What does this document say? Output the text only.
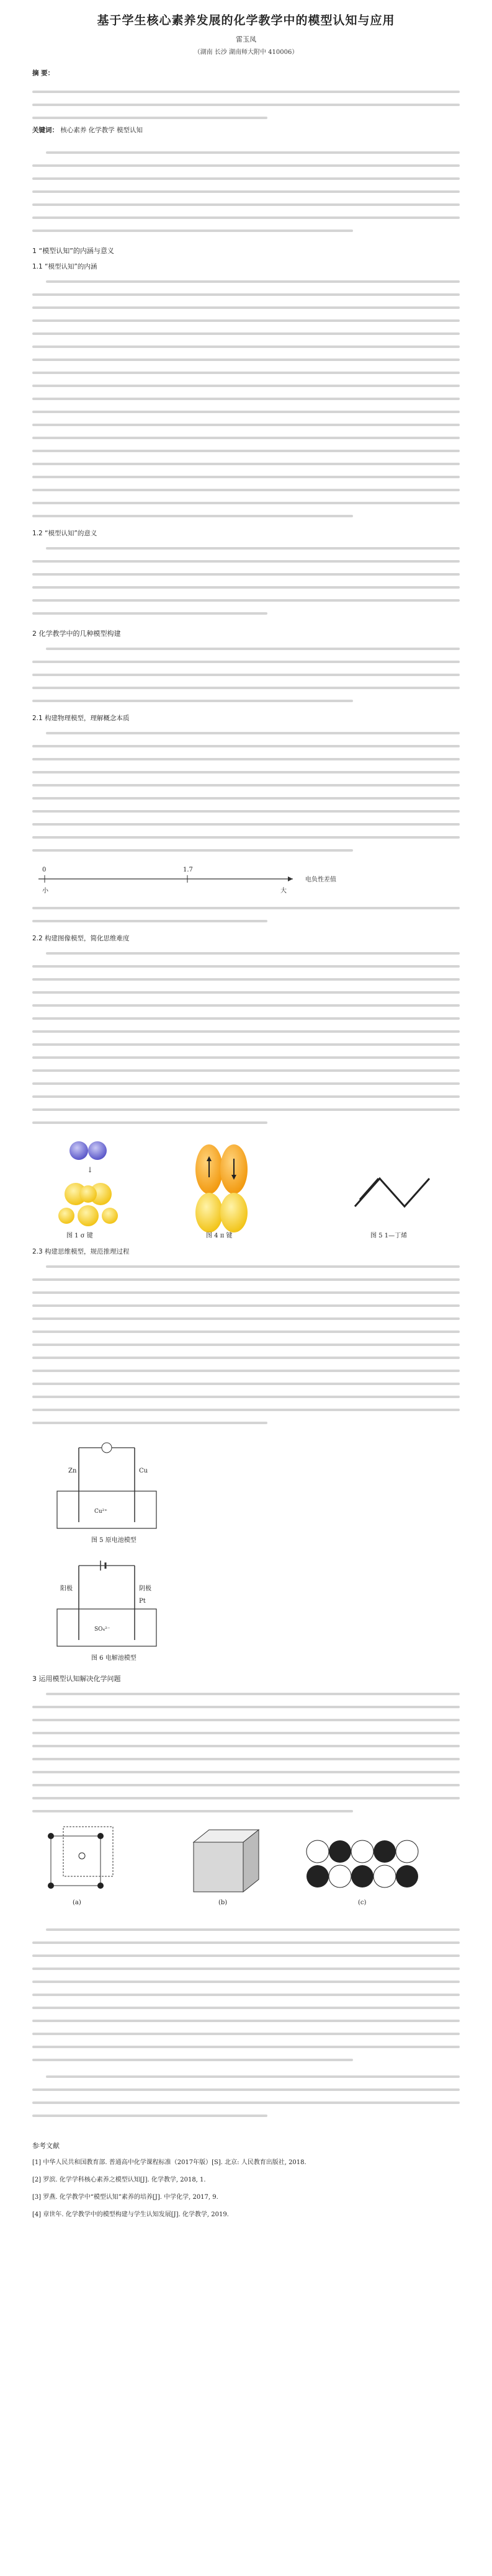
基于学生核心素养发展的化学教学中的模型认知与应用

雷玉凤

（湖南 长沙 湖南师大附中 410006）

摘 要：
关键词： 核心素养 化学教学 模型认知
1 “模型认知”的内涵与意义
1.1 “模型认知”的内涵
1.2 “模型认知”的意义
2 化学教学中的几种模型构建
2.1 构建物理模型，理解概念本质
0	1.7
电负性差值
小	大
2.2 构建图像模型，简化思维难度
↓
图 1 σ 键	图 4 π 键	图 5 1—丁烯
2.3 构建思维模型，规范推理过程
Zn	Cu
Cu²⁺
图 5 原电池模型
阳极	阴极
Pt
SO₄²⁻
图 6 电解池模型
3 运用模型认知解决化学问题
(a)	(b)	(c)
参考文献

[1] 中华人民共和国教育部. 普通高中化学课程标准（2017年版）[S]. 北京: 人民教育出版社, 2018.

[2] 罗滨. 化学学科核心素养之模型认知[J]. 化学教学, 2018, 1.

[3] 罗燕. 化学教学中“模型认知”素养的培养[J]. 中学化学, 2017, 9.

[4] 章世年. 化学教学中的模型构建与学生认知发展[J]. 化学教学, 2019.
